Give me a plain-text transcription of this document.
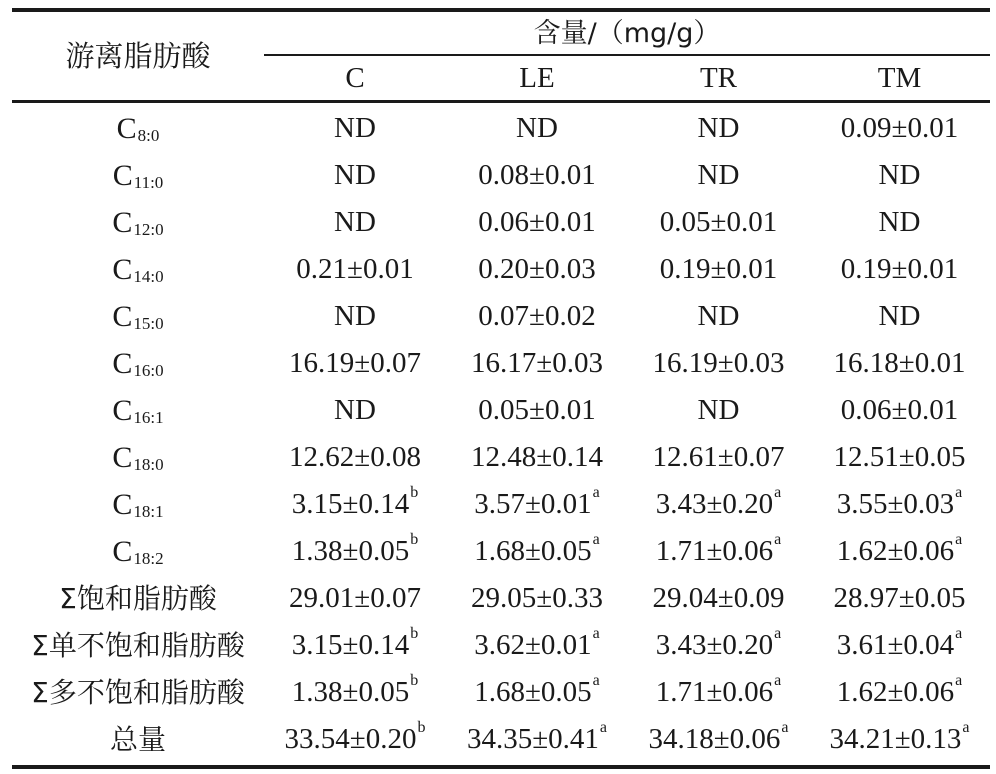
游离脂肪酸
含量/（mg/g）
C	LE	TR	TM
$C_{8:0}$	ND	ND	ND	0.09±0.01
$C_{11:0}$	ND	0.08±0.01	ND	ND
$C_{12:0}$	ND	0.06±0.01 0.05±0.01	ND
$C_{14:0}$	0.21±0.01 0.20±0.03 0.19±0.01 0.19±0.01
$C_{15:0}$	ND	0.07±0.02	ND	ND
$C_{16:0}$	16.19±0.07 16.17±0.03 16.19±0.03 16.18±0.01
$C_{16:1}$	ND	0.05±0.01	ND	0.06±0.01
$C_{18:0}$	12.62±0.08 12.48±0.14 12.61±0.07 12.51±0.05
$C_{18:1}$	3.15±0.14$^b$ 3.57±0.01$^a$ 3.43±0.20$^a$ 3.55±0.03$^a$
$C_{18:2}$	1.38±0.05$^b$ 1.68±0.05$^a$ 1.71±0.06$^a$ 1.62±0.06$^a$
Σ饱和脂肪酸 29.01±0.07 29.05±0.33 29.04±0.09 28.97±0.05
Σ单不饱和脂肪酸 3.15±0.14$^b$ 3.62±0.01$^a$ 3.43±0.20$^a$ 3.61±0.04$^a$
Σ多不饱和脂肪酸 1.38±0.05$^b$ 1.68±0.05$^a$ 1.71±0.06$^a$ 1.62±0.06$^a$
总量	33.54±0.20$^b$ 34.35±0.41$^a$ 34.18±0.06$^a$ 34.21±0.13$^a$
